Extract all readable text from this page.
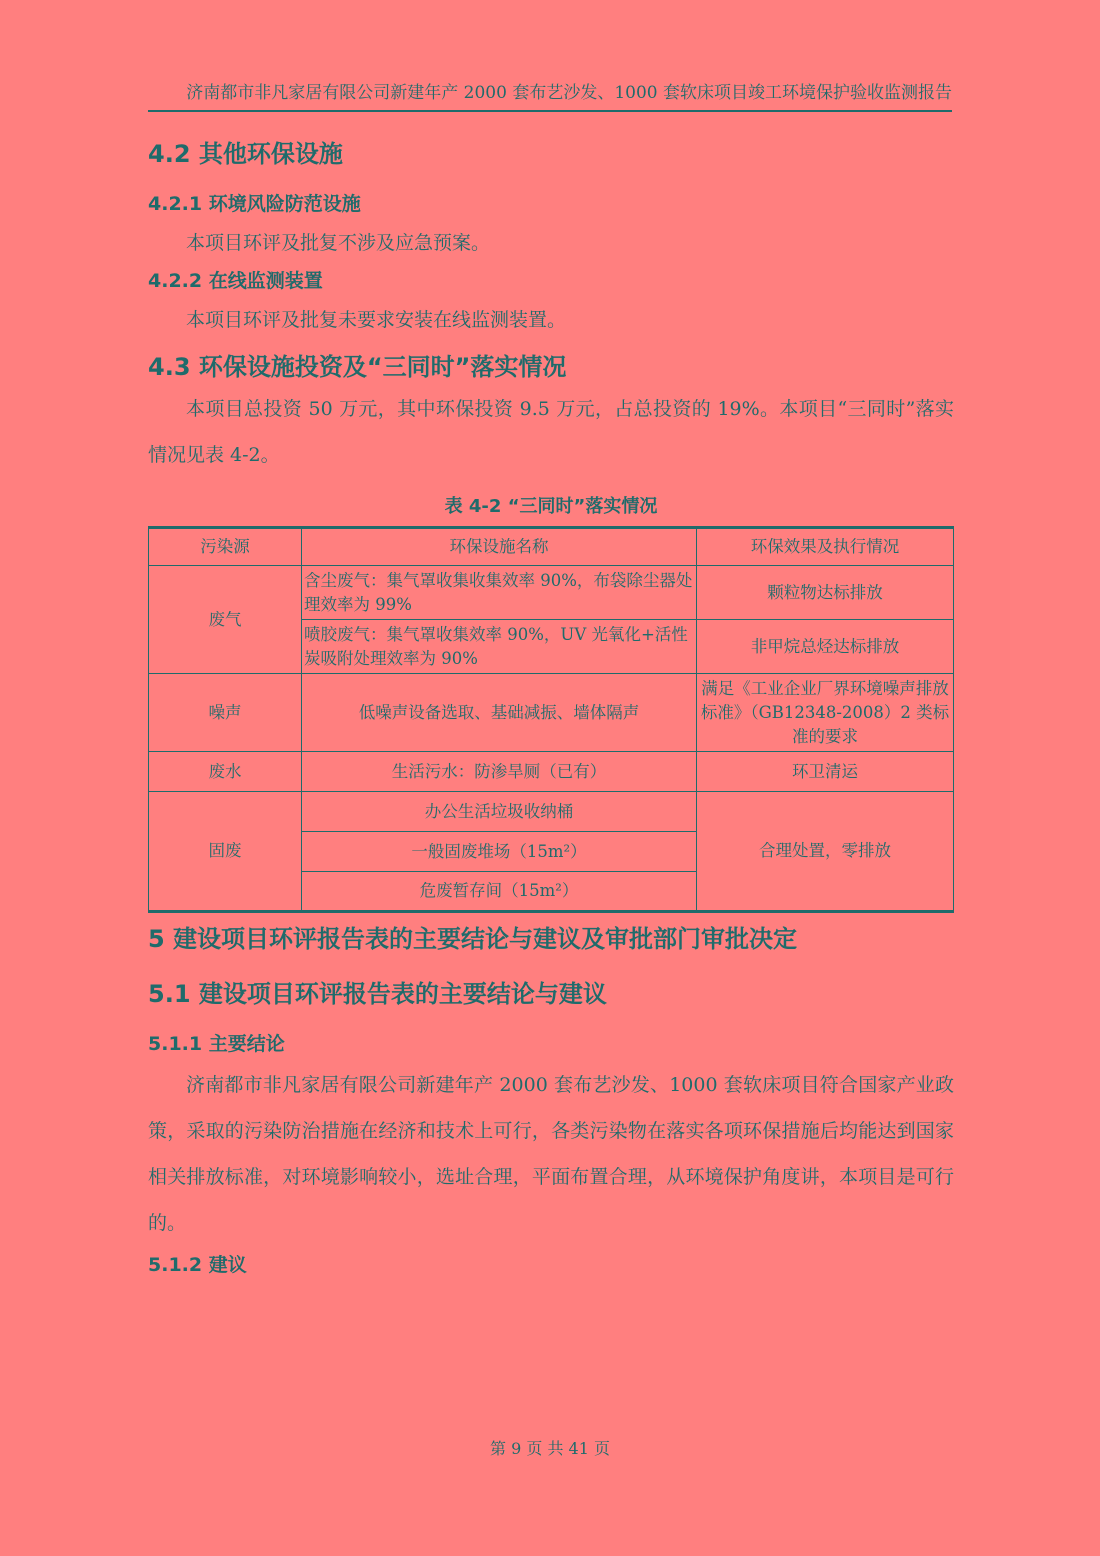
济南都市非凡家居有限公司新建年产 2000 套布艺沙发、1000 套软床项目竣工环境保护验收监测报告
4.2 其他环保设施
4.2.1 环境风险防范设施

本项目环评及批复不涉及应急预案。

4.2.2 在线监测装置

本项目环评及批复未要求安装在线监测装置。

4.3 环保设施投资及“三同时”落实情况

本项目总投资 50 万元，其中环保投资 9.5 万元，占总投资的 19%。本项目“三同时”落实情况见表 4-2。

表 4-2 “三同时”落实情况
污染源	环保设施名称	环保效果及执行情况
废气	含尘废气：集气罩收集收集效率 90%，布袋除尘器处理效率为 99%	颗粒物达标排放
	喷胶废气：集气罩收集效率 90%，UV 光氧化+活性炭吸附处理效率为 90%	非甲烷总烃达标排放
噪声	低噪声设备选取、基础减振、墙体隔声	满足《工业企业厂界环境噪声排放标准》（GB12348-2008）2 类标准的要求
废水	生活污水：防渗旱厕（已有）	环卫清运
固废	办公生活垃圾收纳桶	合理处置，零排放
	一般固废堆场（15m²）	
	危废暂存间（15m²）	
5 建设项目环评报告表的主要结论与建议及审批部门审批决定
5.1 建设项目环评报告表的主要结论与建议
5.1.1 主要结论

济南都市非凡家居有限公司新建年产 2000 套布艺沙发、1000 套软床项目符合国家产业政策，采取的污染防治措施在经济和技术上可行，各类污染物在落实各项环保措施后均能达到国家相关排放标准，对环境影响较小，选址合理，平面布置合理，从环境保护角度讲，本项目是可行的。

5.1.2 建议
第 9 页 共 41 页
